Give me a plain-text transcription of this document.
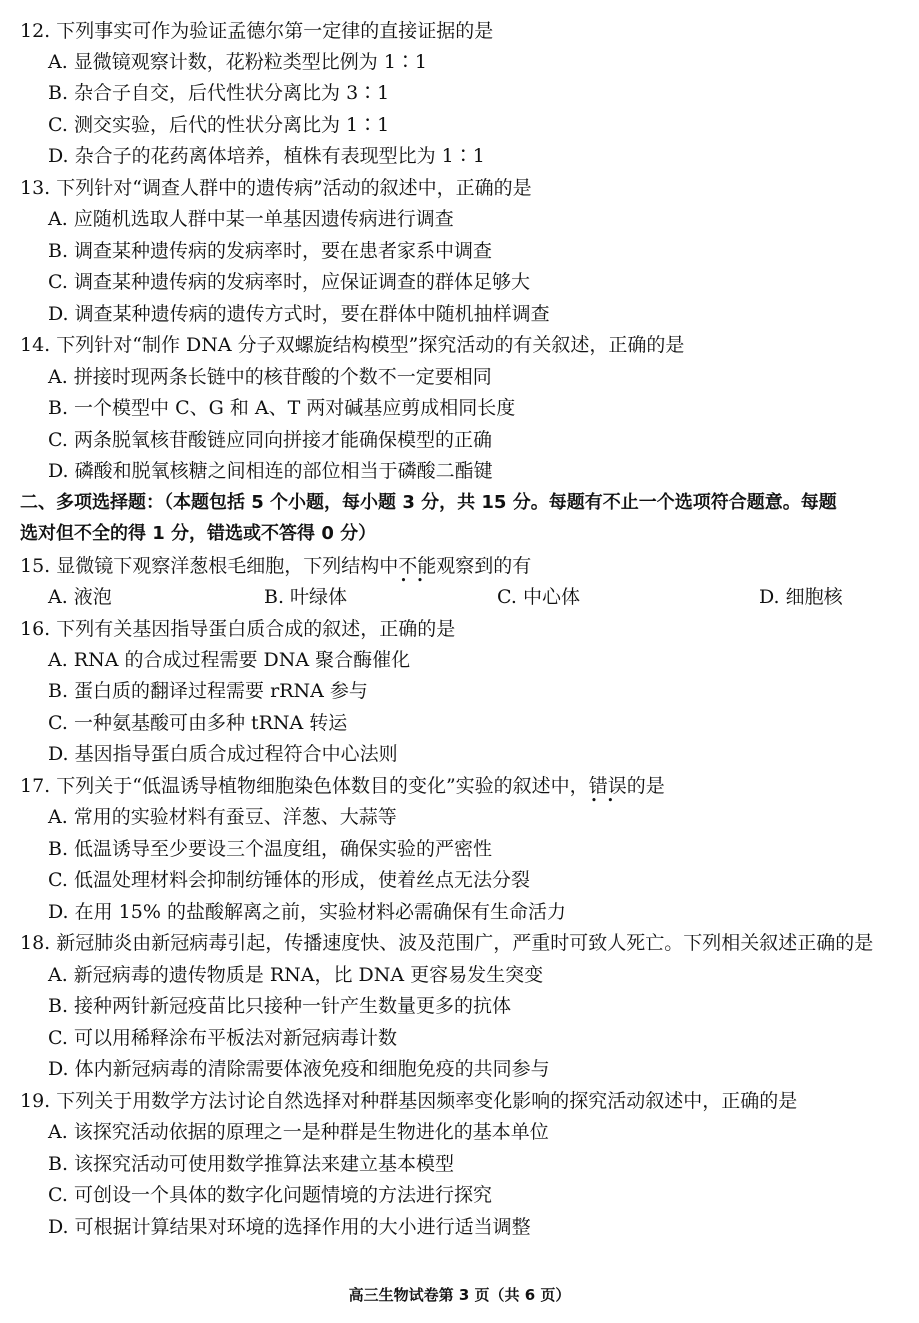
12. 下列事实可作为验证孟德尔第一定律的直接证据的是
A. 显微镜观察计数，花粉粒类型比例为 1∶1
B. 杂合子自交，后代性状分离比为 3∶1
C. 测交实验，后代的性状分离比为 1∶1
D. 杂合子的花药离体培养，植株有表现型比为 1∶1
13. 下列针对“调查人群中的遗传病”活动的叙述中，正确的是
A. 应随机选取人群中某一单基因遗传病进行调查
B. 调查某种遗传病的发病率时，要在患者家系中调查
C. 调查某种遗传病的发病率时，应保证调查的群体足够大
D. 调查某种遗传病的遗传方式时，要在群体中随机抽样调查
14. 下列针对“制作 DNA 分子双螺旋结构模型”探究活动的有关叙述，正确的是
A. 拼接时现两条长链中的核苷酸的个数不一定要相同
B. 一个模型中 C、G 和 A、T 两对碱基应剪成相同长度
C. 两条脱氧核苷酸链应同向拼接才能确保模型的正确
D. 磷酸和脱氧核糖之间相连的部位相当于磷酸二酯键
二、多项选择题：（本题包括 5 个小题，每小题 3 分，共 15 分。每题有不止一个选项符合题意。每题
选对但不全的得 1 分，错选或不答得 0 分）
15. 显微镜下观察洋葱根毛细胞，下列结构中不能 •  •观察到的有
A. 液泡	B. 叶绿体	C. 中心体	D. 细胞核
16. 下列有关基因指导蛋白质合成的叙述，正确的是
A. RNA 的合成过程需要 DNA 聚合酶催化
B. 蛋白质的翻译过程需要 rRNA 参与
C. 一种氨基酸可由多种 tRNA 转运
D. 基因指导蛋白质合成过程符合中心法则
17. 下列关于“低温诱导植物细胞染色体数目的变化”实验的叙述中，错误 •  •的是
A. 常用的实验材料有蚕豆、洋葱、大蒜等
B. 低温诱导至少要设三个温度组，确保实验的严密性
C. 低温处理材料会抑制纺锤体的形成，使着丝点无法分裂
D. 在用 15% 的盐酸解离之前，实验材料必需确保有生命活力
18. 新冠肺炎由新冠病毒引起，传播速度快、波及范围广，严重时可致人死亡。下列相关叙述正确的是
A. 新冠病毒的遗传物质是 RNA，比 DNA 更容易发生突变
B. 接种两针新冠疫苗比只接种一针产生数量更多的抗体
C. 可以用稀释涂布平板法对新冠病毒计数
D. 体内新冠病毒的清除需要体液免疫和细胞免疫的共同参与
19. 下列关于用数学方法讨论自然选择对种群基因频率变化影响的探究活动叙述中，正确的是
A. 该探究活动依据的原理之一是种群是生物进化的基本单位
B. 该探究活动可使用数学推算法来建立基本模型
C. 可创设一个具体的数字化问题情境的方法进行探究
D. 可根据计算结果对环境的选择作用的大小进行适当调整
高三生物试卷第 3 页（共 6 页）
